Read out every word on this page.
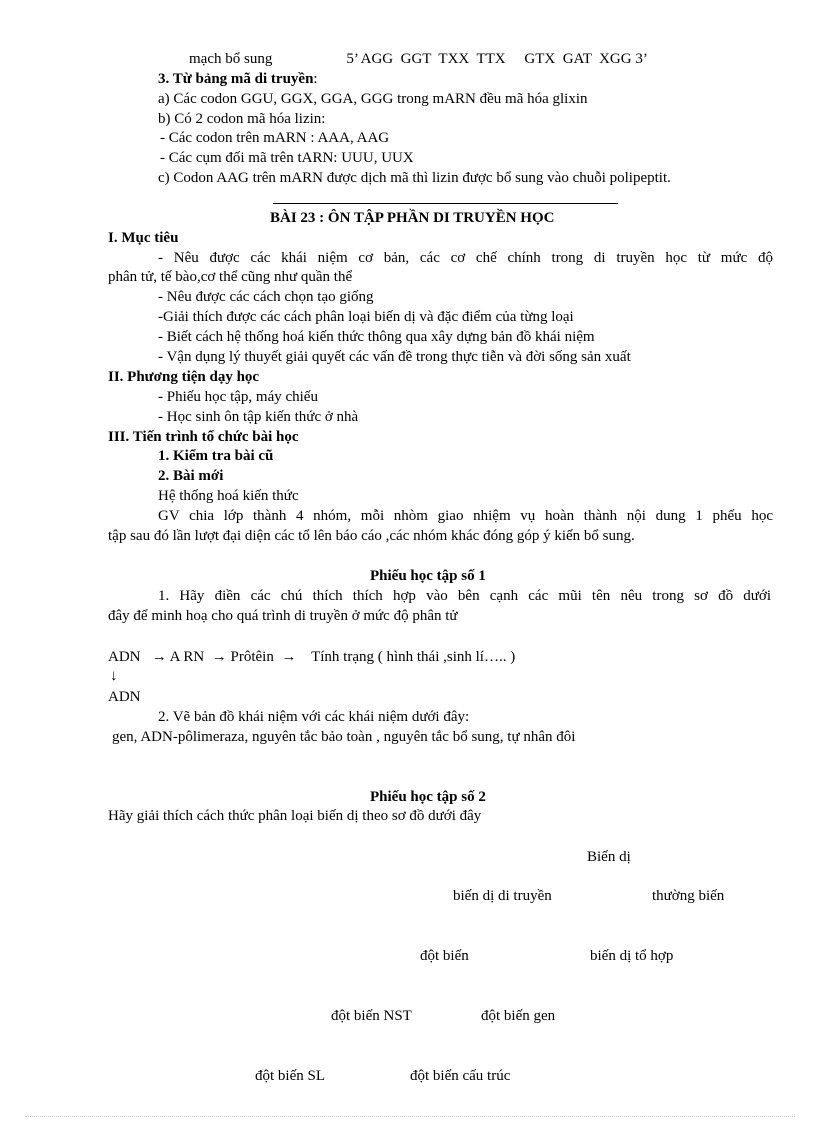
mạch bổ sung	5’ AGG  GGT  TXX  TTX     GTX  GAT  XGG 3’
3. Từ bảng mã di truyền:
a) Các codon GGU, GGX, GGA, GGG trong mARN đều mã hóa glixin
b) Có 2 codon mã hóa lizin:
- Các codon trên mARN : AAA, AAG
- Các cụm đối mã trên tARN: UUU, UUX
c) Codon AAG trên mARN được dịch mã thì lizin được bổ sung vào chuỗi polipeptit.
BÀI 23 : ÔN TẬP PHẦN DI TRUYỀN HỌC
I. Mục tiêu
- Nêu được các khái niệm cơ bản, các cơ chế chính trong di truyền học từ mức độ
phân tử, tế bào,cơ thể cũng như quần thể
- Nêu được các cách chọn tạo giống
-Giải thích được các cách phân loại biến dị và đặc điểm của từng loại
- Biết cách hệ thống hoá kiến thức thông qua xây dựng bản đồ khái niệm
- Vận dụng lý thuyết giải quyết các vấn đề trong thực tiễn và đời sống sản xuất
II. Phương tiện dạy học
- Phiếu học tập, máy chiếu
- Học sinh ôn tập kiến thức ở nhà
III. Tiến trình tổ chức bài học
1. Kiểm tra bài cũ
2. Bài mới
Hệ thống hoá kiến thức
GV chia lớp thành 4 nhóm, mỗi nhòm giao nhiệm vụ hoàn thành nội dung 1 phếu học
tập sau đó lần lượt đại diện các tổ lên báo cáo ,các nhóm khác đóng góp ý kiến bổ sung.
Phiếu học tập số 1
1. Hãy điền các chú thích thích hợp vào bên cạnh các mũi tên nêu trong sơ đồ dưới
đây để minh hoạ cho quá trình di truyền ở mức độ phân tử
ADN   → A RN  → Prôtêin  →    Tính trạng ( hình thái ,sinh lí….. )
↓
ADN
2. Vẽ bản đồ khái niệm với các khái niệm dưới đây:
gen, ADN-pôlimeraza, nguyên tắc bảo toàn , nguyên tắc bổ sung, tự nhân đôi
Phiếu học tập số 2
Hãy giải thích cách thức phân loại biến dị theo sơ đồ dưới đây
Biến dị
biến dị di truyền	thường biến
đột biến	biến dị tổ hợp
đột biến NST	đột biến gen
đột biến SL	đột biến cấu trúc
